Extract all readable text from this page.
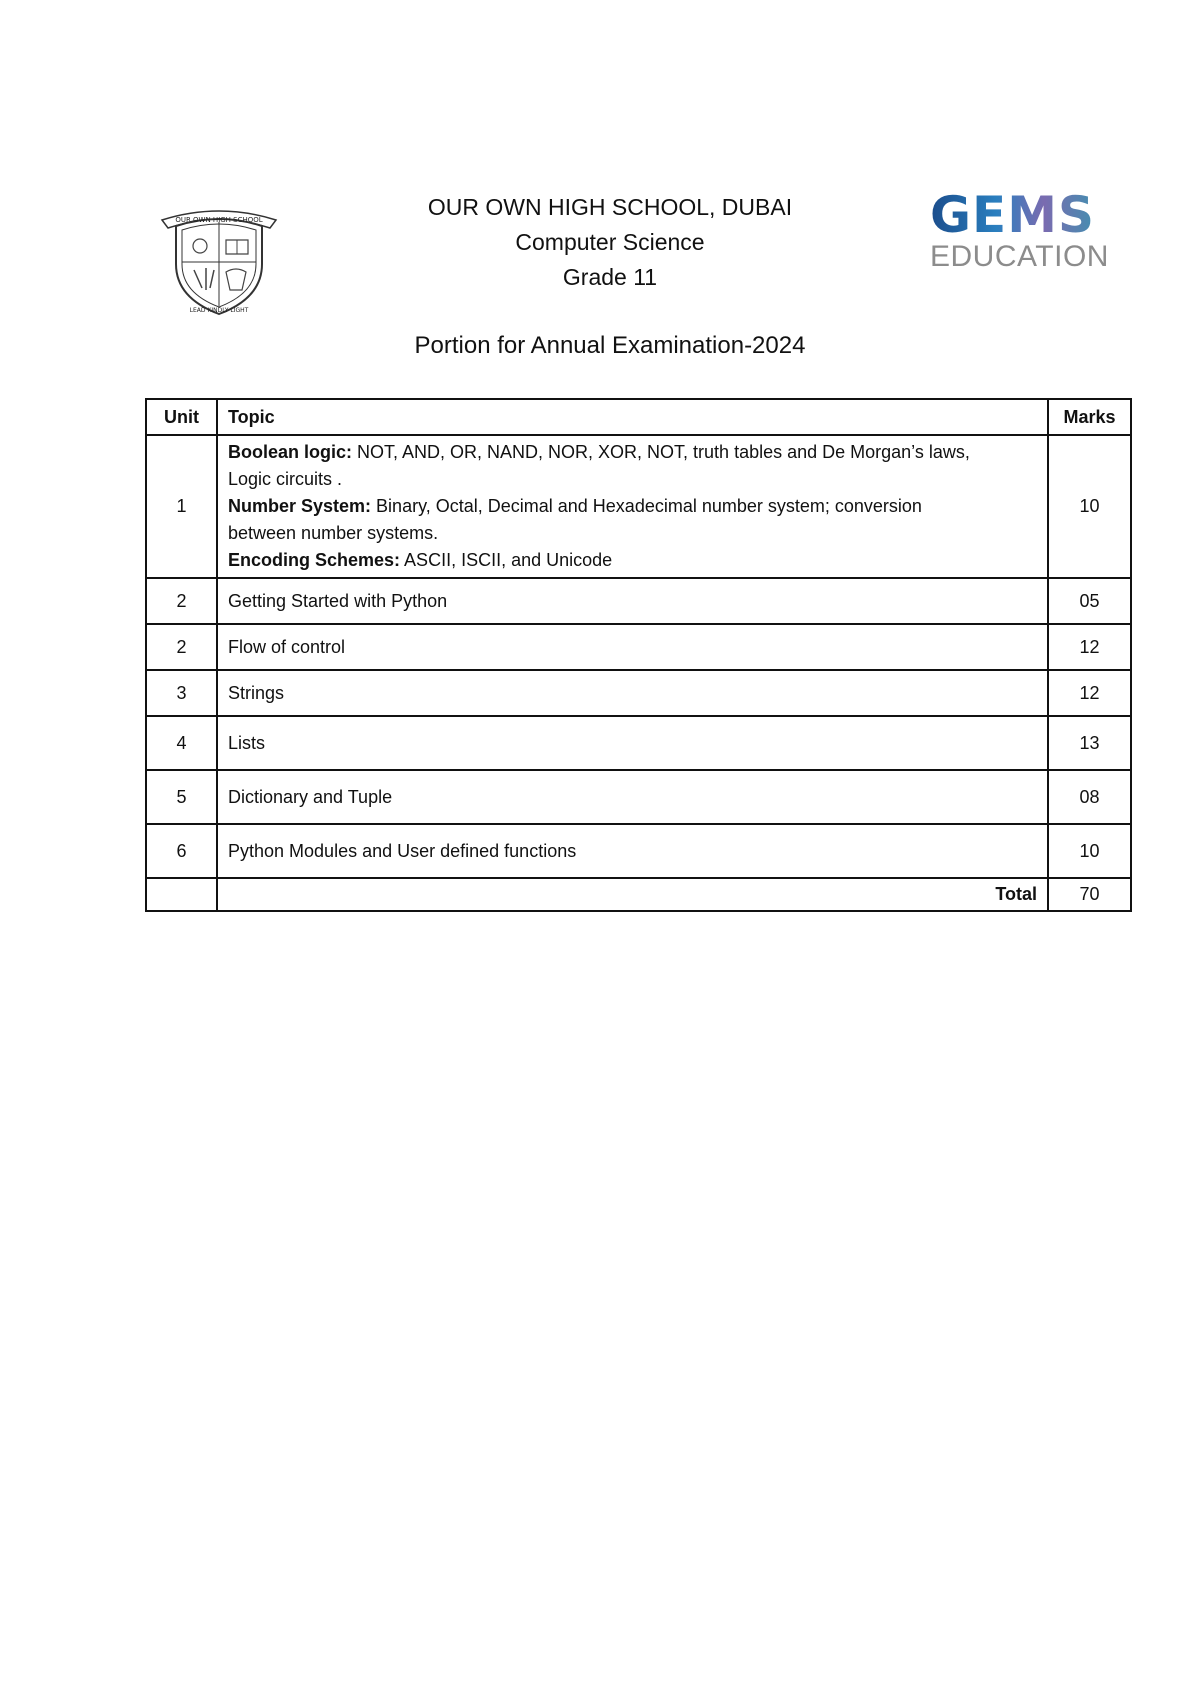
OUR OWN HIGH SCHOOL
LEAD KINDLY LIGHT
GEMS
EDUCATION
OUR OWN HIGH SCHOOL, DUBAI
Computer Science
Grade 11
Portion for Annual Examination-2024
Unit	Topic	Marks
1	Boolean logic: NOT, AND, OR, NAND, NOR, XOR, NOT, truth tables and De Morgan’s laws,
Logic circuits .
Number System: Binary, Octal, Decimal and Hexadecimal number system; conversion
between number systems.
Encoding Schemes: ASCII, ISCII, and Unicode	10
2	Getting Started with Python	05
2	Flow of control	12
3	Strings	12
4	Lists	13
5	Dictionary and Tuple	08
6	Python Modules and User defined functions	10
	Total	70
